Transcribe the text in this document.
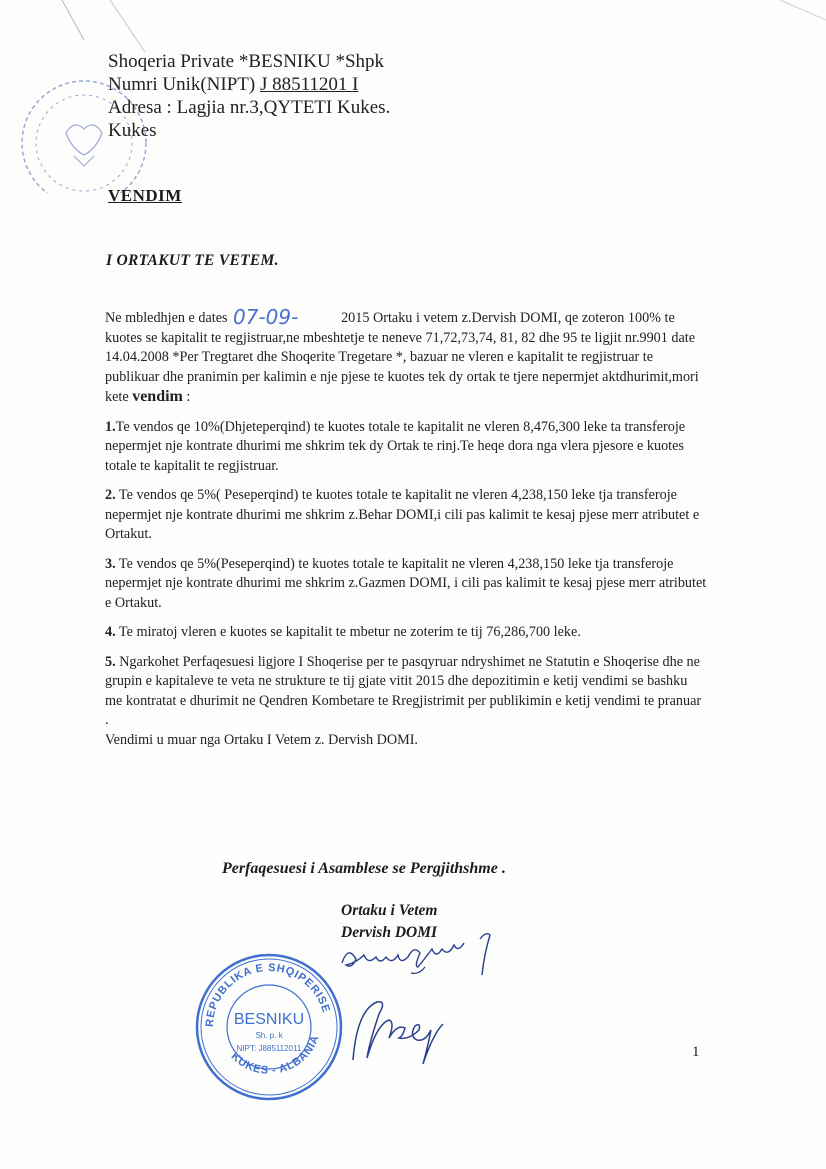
Shoqeria Private *BESNIKU *Shpk
Numri Unik(NIPT) J 88511201 I
Adresa : Lagjia nr.3,QYTETI Kukes.
Kukes
VENDIM
I ORTAKUT TE VETEM.

Ne mbledhjen e dates 07-09-	2015 Ortaku i vetem z.Dervish DOMI, qe zoteron 100% te kuotes se kapitalit te regjistruar,ne mbeshtetje te neneve 71,72,73,74, 81, 82 dhe 95 te ligjit nr.9901 date 14.04.2008 *Per Tregtaret dhe Shoqerite Tregetare *, bazuar ne vleren e kapitalit te regjistruar te publikuar dhe pranimin per kalimin e nje pjese te kuotes tek dy ortak te tjere nepermjet aktdhurimit,mori kete vendim :

1.Te vendos qe 10%(Dhjeteperqind) te kuotes totale te kapitalit ne vleren 8,476,300 leke ta transferoje nepermjet nje kontrate dhurimi me shkrim tek dy Ortak te rinj.Te heqe dora nga vlera pjesore e kuotes totale te kapitalit te regjistruar.

2. Te vendos qe 5%( Peseperqind) te kuotes totale te kapitalit ne vleren 4,238,150 leke tja transferoje nepermjet nje kontrate dhurimi me shkrim z.Behar DOMI,i cili pas kalimit te kesaj pjese merr atributet e Ortakut.

3. Te vendos qe 5%(Peseperqind) te kuotes totale te kapitalit ne vleren 4,238,150 leke tja transferoje nepermjet nje kontrate dhurimi me shkrim z.Gazmen DOMI, i cili pas kalimit te kesaj pjese merr atributet e Ortakut.

4. Te miratoj vleren e kuotes se kapitalit te mbetur ne zoterim te tij 76,286,700 leke.

5. Ngarkohet Perfaqesuesi ligjore I Shoqerise per te pasqyruar ndryshimet ne Statutin e Shoqerise dhe ne grupin e kapitaleve te veta ne strukture te tij gjate vitit 2015 dhe depozitimin e ketij vendimi se bashku me kontratat e dhurimit ne Qendren Kombetare te Rregjistrimit per publikimin e ketij vendimi te pranuar .

Vendimi u muar nga Ortaku I Vetem z. Dervish DOMI.

Perfaqesuesi i Asamblese se Pergjithshme .
Ortaku i Vetem
Dervish DOMI
REPUBLIKA E SHQIPERISE
KUKES - ALBANIA
BESNIKU
Sh. p. k
NIPT: J885112011	1
